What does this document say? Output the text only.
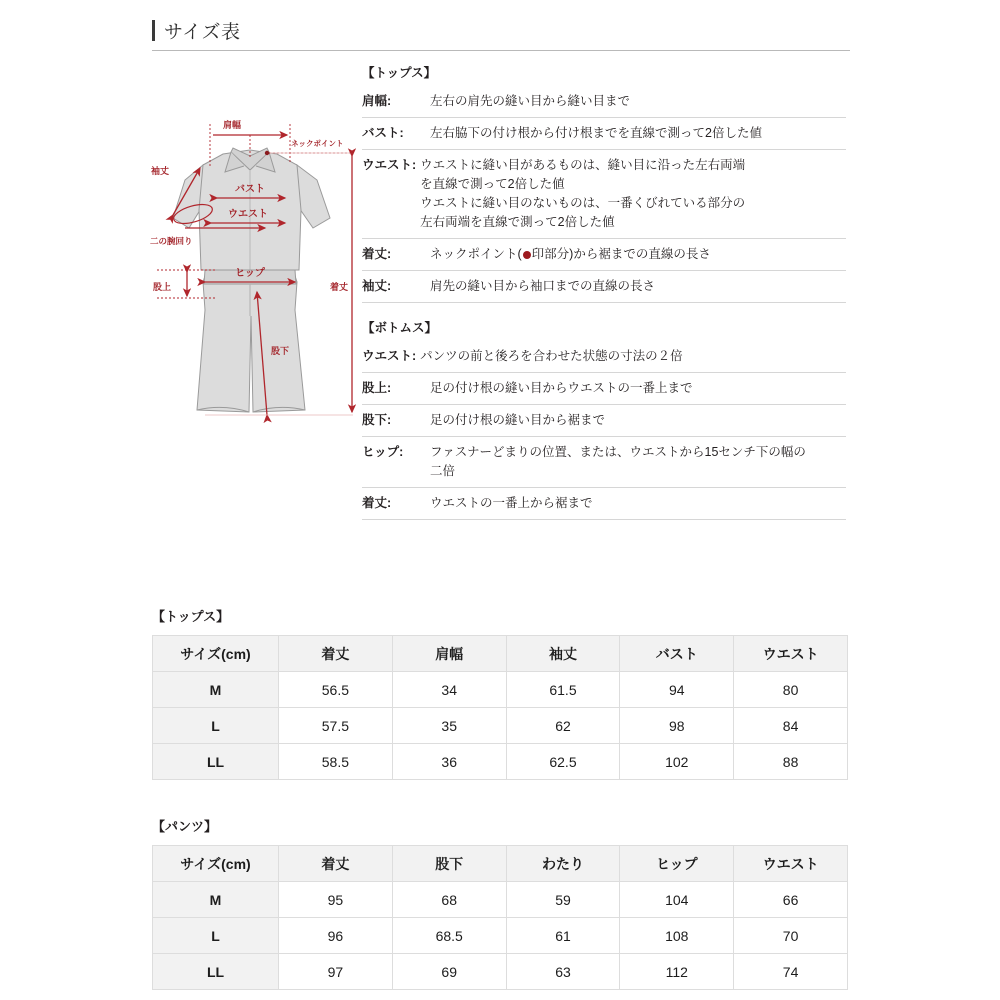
サイズ表
肩幅
ネックポイント
袖丈
バスト
ウエスト
二の腕回り
股上
ヒップ
股下
着丈
【トップス】
肩幅:	左右の肩先の縫い目から縫い目まで
バスト:	左右脇下の付け根から付け根までを直線で測って2倍した値
ウエスト: ウエストに縫い目があるものは、縫い目に沿った左右両端
を直線で測って2倍した値
ウエストに縫い目のないものは、一番くびれている部分の
左右両端を直線で測って2倍した値
着丈:	ネックポイント( 印部分)から裾までの直線の長さ
袖丈:	肩先の縫い目から袖口までの直線の長さ
【ボトムス】
ウエスト: パンツの前と後ろを合わせた状態の寸法の２倍
股上:	足の付け根の縫い目からウエストの一番上まで
股下:	足の付け根の縫い目から裾まで
ヒップ:	ファスナーどまりの位置、または、ウエストから15センチ下の幅の
二倍
着丈:	ウエストの一番上から裾まで
【トップス】
サイズ(cm)	着丈	肩幅	袖丈	バスト	ウエスト
M	56.5	34	61.5	94	80
L	57.5	35	62	98	84
LL	58.5	36	62.5	102	88
【パンツ】
サイズ(cm)	着丈	股下	わたり	ヒップ	ウエスト
M	95	68	59	104	66
L	96	68.5	61	108	70
LL	97	69	63	112	74
